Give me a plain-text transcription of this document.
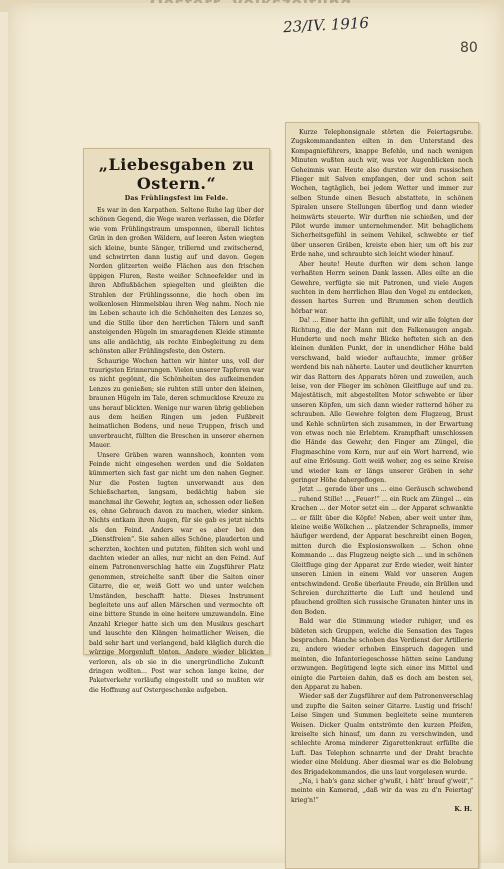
23/IV. 1916
80
„Liebesgaben zu Ostern.“
Das Frühlingsfest im Felde.

Es war in den Karpathen. Seltene Ruhe lag über der schönen Gegend, die Wege waren verlassen, die Dörfer wie vom Frühlingstraum umsponnen, überall lichtes Grün in den großen Wäldern, auf leeren Ästen wiegten sich kleine, bunte Sänger, trillernd und zwitschernd, und schwirrten dann lustig auf und davon. Gegen Norden glitzerten weiße Flächen aus den frischen üppigen Fluren, Reste weißer Schneefelder und in ihren Abflußbächen spiegelten und gleißten die Strahlen der Frühlingssonne, die hoch oben im wolkenlosen Himmelsblau ihren Weg nahm. Noch nie im Leben schaute ich die Schönheiten des Lenzes so, und die Stille über den herrlichen Tälern und sanft ansteigenden Hügeln im smaragdenen Kleide stimmte uns alle andächtig, als rechte Einbegleitung zu dem schönsten aller Frühlingsfeste, den Ostern.

Schaurige Wochen hatten wir hinter uns, voll der traurigsten Erinnerungen. Vielen unserer Tapferen war es nicht gegönnt, die Schönheiten des aufkeimenden Lenzes zu genießen; sie ruhten still unter den kleinen, braunen Hügeln im Tale, deren schmucklose Kreuze zu uns herauf blickten. Wenige nur waren übrig geblieben aus dem heißen Ringen um jeden Fußbreit heimatlichen Bodens, und neue Truppen, frisch und unverbraucht, füllten die Breschen in unserer ehernen Mauer.

Unsere Gräben waren wannshoch, konnten vom Feinde nicht eingesehen werden und die Soldaten kümmerten sich fast gar nicht um den nahen Gegner. Nur die Posten lugten unverwandt aus den Schießscharten, langsam, bedächtig haben sie manchmal ihr Gewehr, legten an, schossen oder ließen es, ohne Gebrauch davon zu machen, wieder sinken. Nichts entkam ihren Augen, für sie gab es jetzt nichts als den Feind. Anders war es aber bei den „Dienstfreien“. Sie sahen alles Schöne, plauderten und scherzten, kochten und putzten, fühlten sich wohl und dachten wieder an alles, nur nicht an den Feind. Auf einem Patronenverschlag hatte ein Zugsführer Platz genommen, streichelte sanft über die Saiten einer Gitarre, die er, weiß Gott wo und unter welchen Umständen, beschafft hatte. Dieses Instrument begleitete uns auf allen Märschen und vermochte oft eine bittere Stunde in eine heitere umzuwandeln. Eine Anzahl Krieger hatte sich um den Musikus geschart und lauschte den Klängen heimatlicher Weisen, die bald sehr hart und verlangend, bald kläglich durch die würzige Morgenluft tönten. Andere wieder blickten verloren, als ob sie in die unergründliche Zukunft dringen wollten... Post war schon lange keine, der Paketverkehr vorläufig eingestellt und so mußten wir die Hoffnung auf Ostergeschenke aufgeben.

Kurze Telephonsignale störten die Feiertagsruhe. Zugskommandanten eilten in den Unterstand des Kompagnieführers, knappe Befehle, und nach wenigen Minuten wußten auch wir, was vor Augenblicken noch Geheimnis war. Heute also dursten wir den russischen Flieger mit Salven empfangen, der und schon seit Wochen, tagtäglich, bei jedem Wetter und immer zur selben Stunde einen Besuch abstattete, in schönen Spiralen unsere Stellungen überflog und dann wieder heimwärts steuerte. Wir durften nie schießen, und der Pilot wurde immer unternehmender. Mit behaglichem Sicherheitsgefühl in seinem Vehikel, schwebte er tief über unseren Gräben, kreiste eben hier, um oft bis zur Erde nahe, und schraubte sich leicht wieder hinauf.

Aber heute! Heute durften wir dem schon lange verhaßten Herrn seinen Dank lassen. Alles eilte an die Gewehre, verfügte sie mit Patronen, und viele Augen suchten in dem herrlichen Blau den Vogel zu entdecken, dessen hartes Surren und Brummen schon deutlich hörbar war.

Da! ... Einer hatte ihn gefühlt, und wir alle folgten der Richtung, die der Mann mit den Falkenaugen angab. Hunderte und noch mehr Blicke hefteten sich an den kleinen dunklen Punkt, der in unendlicher Höhe bald verschwand, bald wieder auftauchte, immer größer werdend bis nah näherte. Lauter und deutlicher knurrten wir das Rattern des Apparats hören und zuweilen, auch leise, von der Flieger im schönen Gleitfluge auf und zu. Majestätisch, mit abgestellten Motor schwebte er über unseren Köpfen, um sich dann wieder ratternd höher zu schrauben. Alle Gewehre folgten dem Flugzeug, Brust und Kehle schnürten sich zusammen, in der Erwartung von etwas noch nie Erlebtem. Krampfhaft umschlossen die Hände das Gewehr, den Finger am Züngel, die Flugmaschine vom Korn, nur auf ein Wort harrend, wie auf eine Erlösung. Gott weiß woher, zog es seine Kreise und wieder kam er längs unserer Gräben in sehr geringer Höhe dahergeflogen.

Jetzt ... gerade über uns ... eine Geräusch schwebend ... ruhend Stille! ... „Feuer!“ ... ein Ruck am Züngel ... ein Krachen ... der Motor setzt ein ... der Apparat schwankte ... er fällt über die Köpfe! Neben, aber weit unter ihm, kleine weiße Wölkchen ... platzender Schrapnells, immer häufiger werdend, der Apparat beschreibt einen Bogen, mitten durch die Explosionswolken ... Schon ohne Kommando ... das Flugzeug neigte sich ... und in schönen Gleitfluge ging der Apparat zur Erde wieder, weit hinter unseren Linien in einem Wald vor unseren Augen entschwindend. Große überlaute Freude, ein Brüllen und Schreien durchzitterte die Luft und heulend und pfauchend grollten sich russische Granaten hinter uns in den Boden.

Bald war die Stimmung wieder ruhiger, und es bildeten sich Gruppen, welche die Sensation des Tages besprachen. Manche schoben das Verdienst der Artillerie zu, andere wieder erhoben Einspruch dagegen und meinten, die Infanteriegeschosse hätten seine Landung erzwungen. Begütigend legte sich einer ins Mittel und einigte die Parteien dahin, daß es doch am besten sei, den Apparat zu haben.

Wieder saß der Zugsführer auf dem Patronenverschlag und zupfte die Saiten seiner Gitarre. Lustig und frisch! Leise Singen und Summen begleitete seine munteren Weisen. Dicker Qualm entströmte den kurzen Pfeifen, kreiselte sich hinauf, um dann zu verschwinden, und schlechte Aroma minderer Zigarettenkraut erfüllte die Luft. Das Telephon schnarrte und der Draht brachte wieder eine Meldung. Aber diesmal war es die Belobung des Brigadekommandos, die uns laut vorgelesen wurde.

„Na, i hab's ganz sicher g'wußt, i hätt' brauf g'weit',“ meinte ein Kamerad, „daß wir da was zu d'n Feiertag' krieg'n!“

K. H.
